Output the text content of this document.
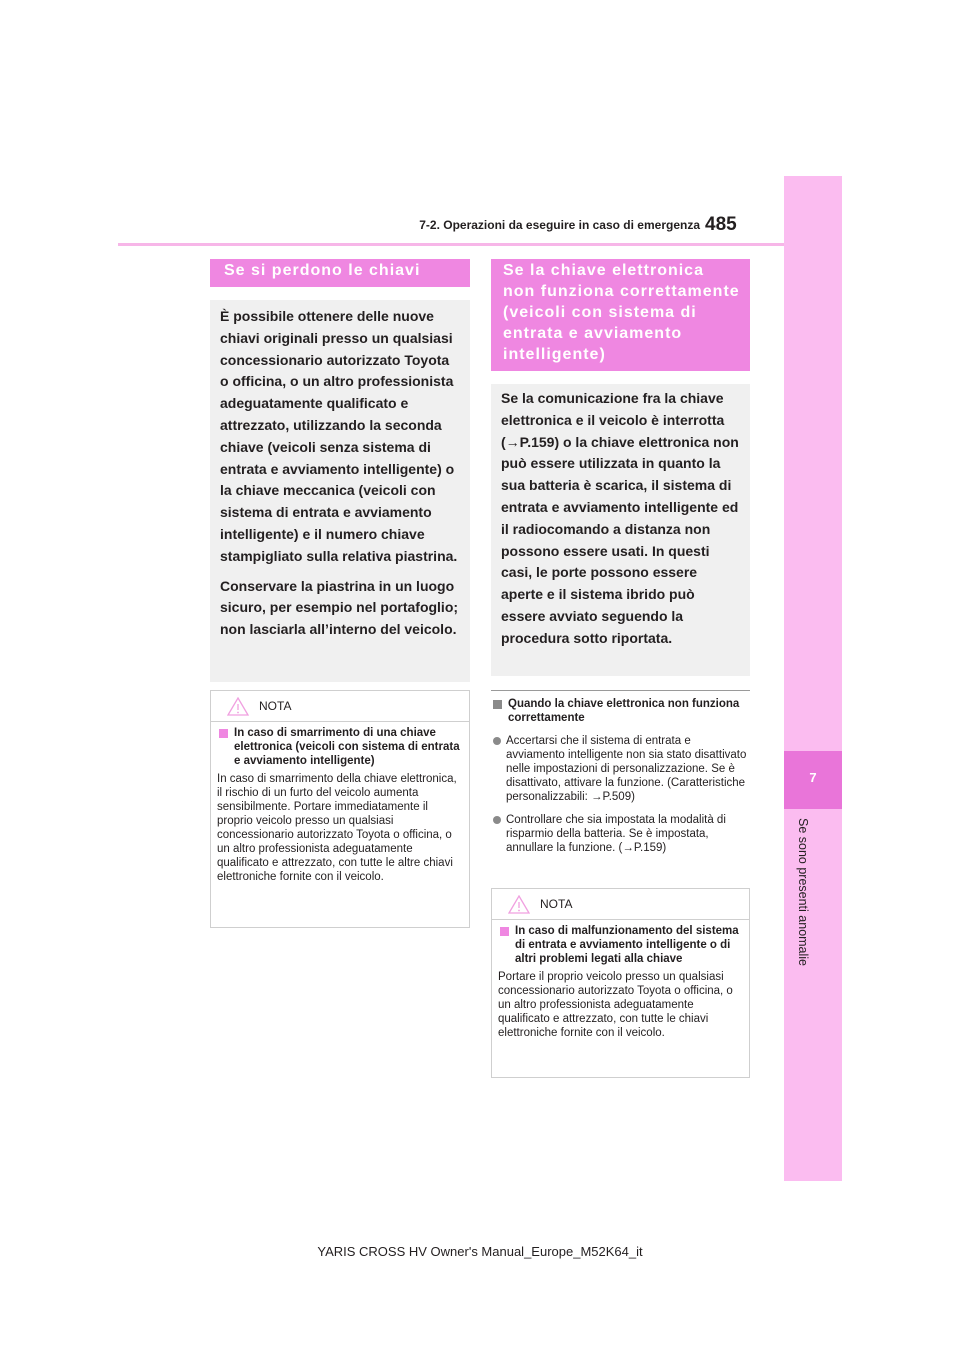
7-2. Operazioni da eseguire in caso di emergenza 485
7
Se sono presenti anomalie
Se si perdono le chiavi

È possibile ottenere delle nuove chiavi originali presso un qualsiasi concessionario autorizzato Toyota o officina, o un altro professionista adeguatamente qualificato e attrezzato, utilizzando la seconda chiave (veicoli senza sistema di entrata e avviamento intelligente) o la chiave meccanica (veicoli con sistema di entrata e avviamento intelligente) e il numero chiave stampigliato sulla relativa piastrina.

Conservare la piastrina in un luogo sicuro, per esempio nel portafoglio; non lasciarla all’interno del veicolo.

NOTA
In caso di smarrimento di una chiave elettronica (veicoli con sistema di entrata e avviamento intelligente)

In caso di smarrimento della chiave elettronica, il rischio di un furto del veicolo aumenta sensibilmente. Portare immediatamente il proprio veicolo presso un qualsiasi concessionario autorizzato Toyota o officina, o un altro professionista adeguatamente qualificato e attrezzato, con tutte le altre chiavi elettroniche fornite con il veicolo.

Se la chiave elettronica non funziona correttamente (veicoli con sistema di entrata e avviamento intelligente)

Se la comunicazione fra la chiave elettronica e il veicolo è interrotta (→P.159) o la chiave elettronica non può essere utilizzata in quanto la sua batteria è scarica, il sistema di entrata e avviamento intelligente ed il radiocomando a distanza non possono essere usati. In questi casi, le porte possono essere aperte e il sistema ibrido può essere avviato seguendo la procedura sotto riportata.

Quando la chiave elettronica non funziona correttamente
Accertarsi che il sistema di entrata e avviamento intelligente non sia stato disattivato nelle impostazioni di personalizzazione. Se è disattivato, attivare la funzione. (Caratteristiche personalizzabili: →P.509)
Controllare che sia impostata la modalità di risparmio della batteria. Se è impostata, annullare la funzione. (→P.159)
NOTA
In caso di malfunzionamento del sistema di entrata e avviamento intelligente o di altri problemi legati alla chiave

Portare il proprio veicolo presso un qualsiasi concessionario autorizzato Toyota o officina, o un altro professionista adeguatamente qualificato e attrezzato, con tutte le chiavi elettroniche fornite con il veicolo.

YARIS CROSS HV Owner's Manual_Europe_M52K64_it
